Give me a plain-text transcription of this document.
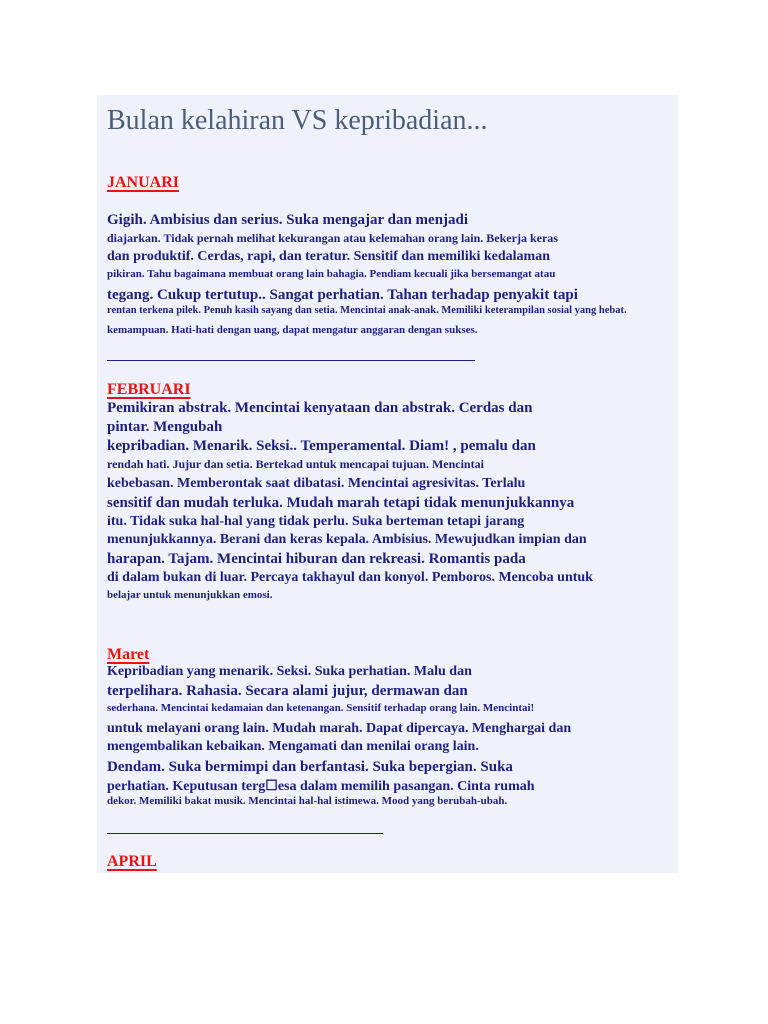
Bulan kelahiran VS kepribadian...

JANUARI

Gigih. Ambisius dan serius. Suka mengajar dan menjadi

diajarkan. Tidak pernah melihat kekurangan atau kelemahan orang lain. Bekerja keras

dan produktif. Cerdas, rapi, dan teratur. Sensitif dan memiliki kedalaman

pikiran. Tahu bagaimana membuat orang lain bahagia. Pendiam kecuali jika bersemangat atau

tegang. Cukup tertutup.. Sangat perhatian. Tahan terhadap penyakit tapi

rentan terkena pilek. Penuh kasih sayang dan setia. Mencintai anak-anak. Memiliki keterampilan sosial yang hebat.

kemampuan. Hati-hati dengan uang, dapat mengatur anggaran dengan sukses.

FEBRUARI

Pemikiran abstrak. Mencintai kenyataan dan abstrak. Cerdas dan

pintar. Mengubah

kepribadian. Menarik. Seksi.. Temperamental. Diam! , pemalu dan

rendah hati. Jujur dan setia. Bertekad untuk mencapai tujuan. Mencintai

kebebasan. Memberontak saat dibatasi. Mencintai agresivitas. Terlalu

sensitif dan mudah terluka. Mudah marah tetapi tidak menunjukkannya

itu. Tidak suka hal-hal yang tidak perlu. Suka berteman tetapi jarang

menunjukkannya. Berani dan keras kepala. Ambisius. Mewujudkan impian dan

harapan. Tajam. Mencintai hiburan dan rekreasi. Romantis pada

di dalam bukan di luar. Percaya takhayul dan konyol. Pemboros. Mencoba untuk

belajar untuk menunjukkan emosi.

Maret

Kepribadian yang menarik. Seksi. Suka perhatian. Malu dan

terpelihara. Rahasia. Secara alami jujur, dermawan dan

sederhana. Mencintai kedamaian dan ketenangan. Sensitif terhadap orang lain. Mencintai!

untuk melayani orang lain. Mudah marah. Dapat dipercaya. Menghargai dan

mengembalikan kebaikan. Mengamati dan menilai orang lain.

Dendam. Suka bermimpi dan berfantasi. Suka bepergian. Suka

perhatian. Keputusan terg☐esa dalam memilih pasangan. Cinta rumah

dekor. Memiliki bakat musik. Mencintai hal-hal istimewa. Mood yang berubah-ubah.

APRIL
